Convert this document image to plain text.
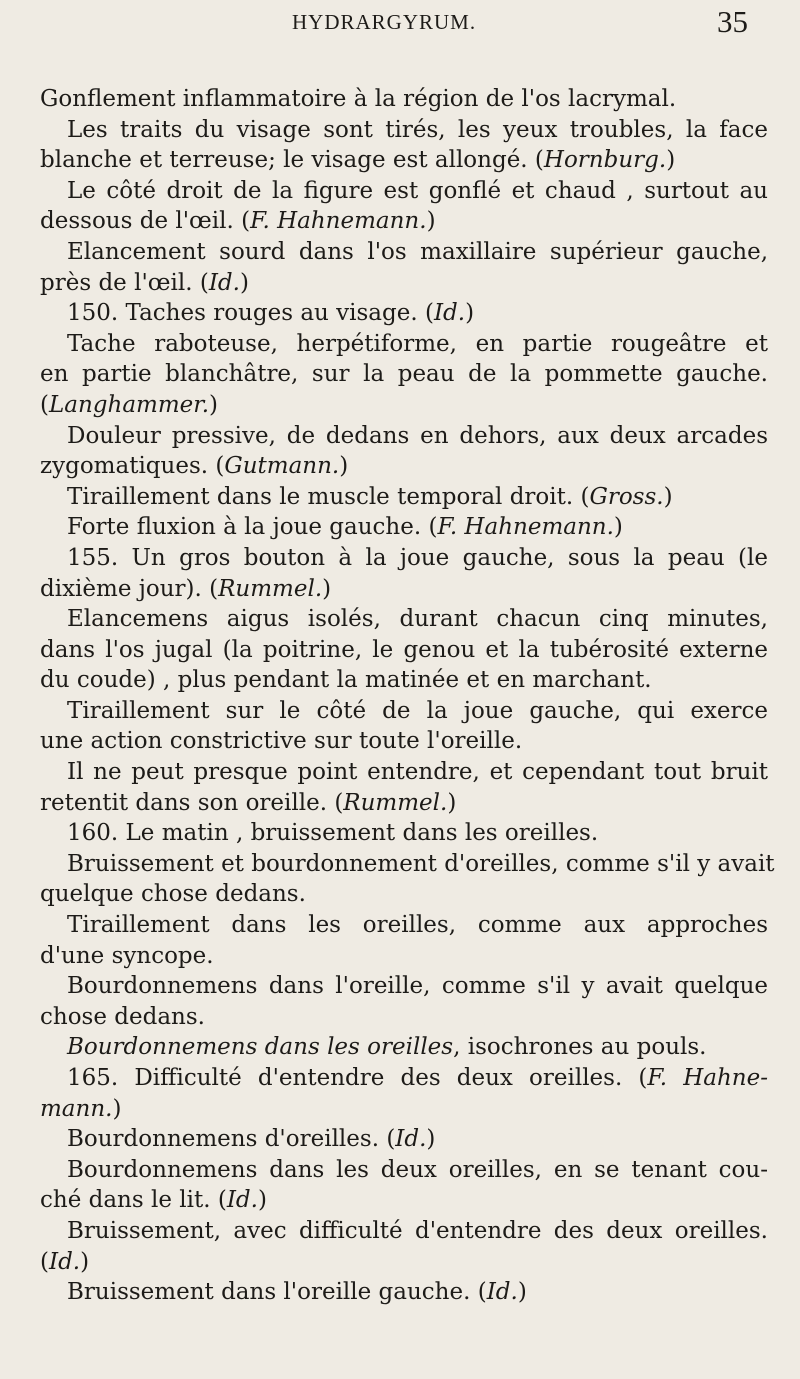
HYDRARGYRUM.	35
Gonflement inflammatoire à la région de l'os lacrymal.
Les traits du visage sont tirés, les yeux troubles, la face
blanche et terreuse; le visage est allongé. (Hornburg.)
Le côté droit de la figure est gonflé et chaud , surtout au
dessous de l'œil. (F. Hahnemann.)
Elancement sourd dans l'os maxillaire supérieur gauche,
près de l'œil. (Id.)
150. Taches rouges au visage. (Id.)
Tache raboteuse, herpétiforme, en partie rougeâtre et
en partie blanchâtre, sur la peau de la pommette gauche.
(Langhammer.)
Douleur pressive, de dedans en dehors, aux deux arcades
zygomatiques. (Gutmann.)
Tiraillement dans le muscle temporal droit. (Gross.)
Forte fluxion à la joue gauche. (F. Hahnemann.)
155. Un gros bouton à la joue gauche, sous la peau (le
dixième jour). (Rummel.)
Elancemens aigus isolés, durant chacun cinq minutes,
dans l'os jugal (la poitrine, le genou et la tubérosité externe
du coude) , plus pendant la matinée et en marchant.
Tiraillement sur le côté de la joue gauche, qui exerce
une action constrictive sur toute l'oreille.
Il ne peut presque point entendre, et cependant tout bruit
retentit dans son oreille. (Rummel.)
160. Le matin , bruissement dans les oreilles.
Bruissement et bourdonnement d'oreilles, comme s'il y avait
quelque chose dedans.
Tiraillement dans les oreilles, comme aux approches
d'une syncope.
Bourdonnemens dans l'oreille, comme s'il y avait quelque
chose dedans.
Bourdonnemens dans les oreilles, isochrones au pouls.
165. Difficulté d'entendre des deux oreilles. (F. Hahne-
mann.)
Bourdonnemens d'oreilles. (Id.)
Bourdonnemens dans les deux oreilles, en se tenant cou-
ché dans le lit. (Id.)
Bruissement, avec difficulté d'entendre des deux oreilles.
(Id.)
Bruissement dans l'oreille gauche. (Id.)
